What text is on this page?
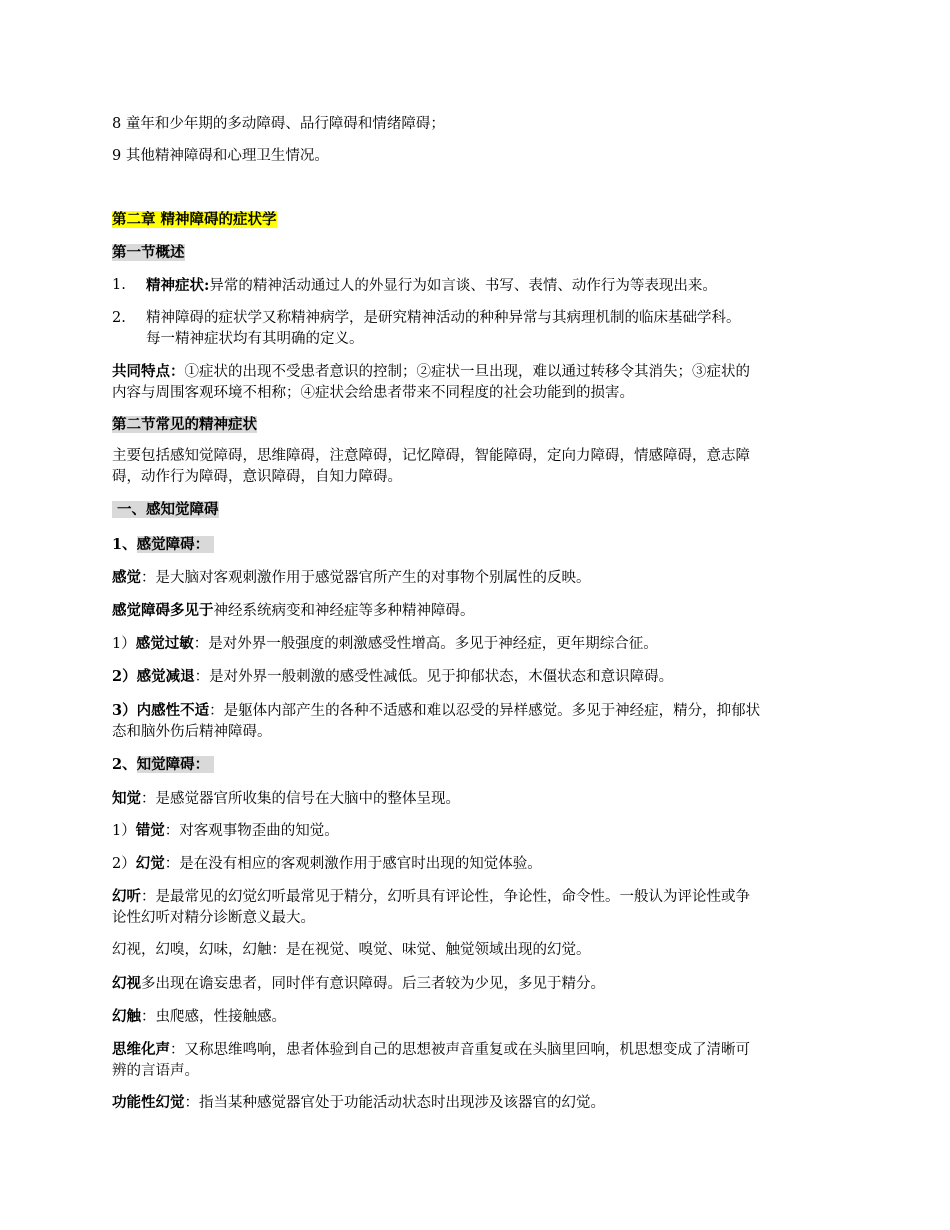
8 童年和少年期的多动障碍、品行障碍和情绪障碍；
9 其他精神障碍和心理卫生情况。
第二章 精神障碍的症状学
第一节概述
1. 精神症状:异常的精神活动通过人的外显行为如言谈、书写、表情、动作行为等表现出来。
2. 精神障碍的症状学又称精神病学，是研究精神活动的种种异常与其病理机制的临床基础学科。
每一精神症状均有其明确的定义。
共同特点：①症状的出现不受患者意识的控制；②症状一旦出现，难以通过转移令其消失；③症状的
内容与周围客观环境不相称；④症状会给患者带来不同程度的社会功能到的损害。
第二节常见的精神症状
主要包括感知觉障碍，思维障碍，注意障碍，记忆障碍，智能障碍，定向力障碍，情感障碍，意志障
碍，动作行为障碍，意识障碍，自知力障碍。
一、感知觉障碍
1、感觉障碍：
感觉：是大脑对客观刺激作用于感觉器官所产生的对事物个别属性的反映。
感觉障碍多见于神经系统病变和神经症等多种精神障碍。
1）感觉过敏：是对外界一般强度的刺激感受性增高。多见于神经症，更年期综合征。
2）感觉减退：是对外界一般刺激的感受性减低。见于抑郁状态，木僵状态和意识障碍。
3）内感性不适：是躯体内部产生的各种不适感和难以忍受的异样感觉。多见于神经症，精分，抑郁状
态和脑外伤后精神障碍。
2、知觉障碍：
知觉：是感觉器官所收集的信号在大脑中的整体呈现。
1）错觉：对客观事物歪曲的知觉。
2）幻觉：是在没有相应的客观刺激作用于感官时出现的知觉体验。
幻听：是最常见的幻觉幻听最常见于精分，幻听具有评论性，争论性，命令性。一般认为评论性或争
论性幻听对精分诊断意义最大。
幻视，幻嗅，幻味，幻触：是在视觉、嗅觉、味觉、触觉领域出现的幻觉。
幻视多出现在谵妄患者，同时伴有意识障碍。后三者较为少见，多见于精分。
幻触：虫爬感，性接触感。
思维化声：又称思维鸣响，患者体验到自己的思想被声音重复或在头脑里回响，机思想变成了清晰可
辨的言语声。
功能性幻觉：指当某种感觉器官处于功能活动状态时出现涉及该器官的幻觉。
